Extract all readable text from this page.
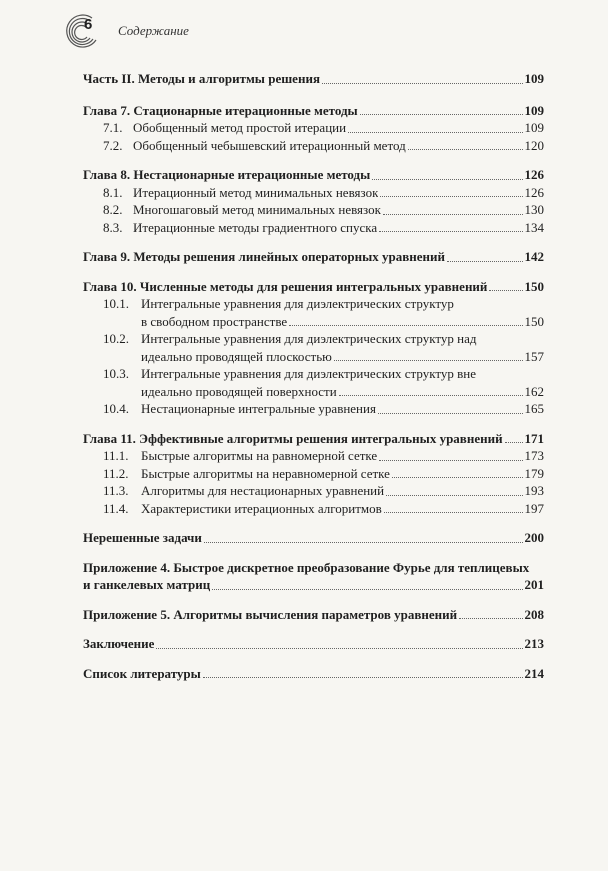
6 Содержание
Часть II. Методы и алгоритмы решения	109
Глава 7. Стационарные итерационные методы	109
7.1. Обобщенный метод простой итерации	109
7.2. Обобщенный чебышевский итерационный метод	120
Глава 8. Нестационарные итерационные методы	126
8.1. Итерационный метод минимальных невязок	126
8.2. Многошаговый метод минимальных невязок	130
8.3. Итерационные методы градиентного спуска	134
Глава 9. Методы решения линейных операторных уравнений	142
Глава 10. Численные методы для решения интегральных уравнений	150
10.1. Интегральные уравнения для диэлектрических структур
в свободном пространстве	150
10.2. Интегральные уравнения для диэлектрических структур над
идеально проводящей плоскостью	157
10.3. Интегральные уравнения для диэлектрических структур вне
идеально проводящей поверхности	162
10.4. Нестационарные интегральные уравнения	165
Глава 11. Эффективные алгоритмы решения интегральных уравнений 171
11.1. Быстрые алгоритмы на равномерной сетке	173
11.2. Быстрые алгоритмы на неравномерной сетке	179
11.3. Алгоритмы для нестационарных уравнений	193
11.4. Характеристики итерационных алгоритмов	197
Нерешенные задачи	200
Приложение 4. Быстрое дискретное преобразование Фурье для теплицевых
и ганкелевых матриц	201
Приложение 5. Алгоритмы вычисления параметров уравнений	208
Заключение	213
Список литературы	214
